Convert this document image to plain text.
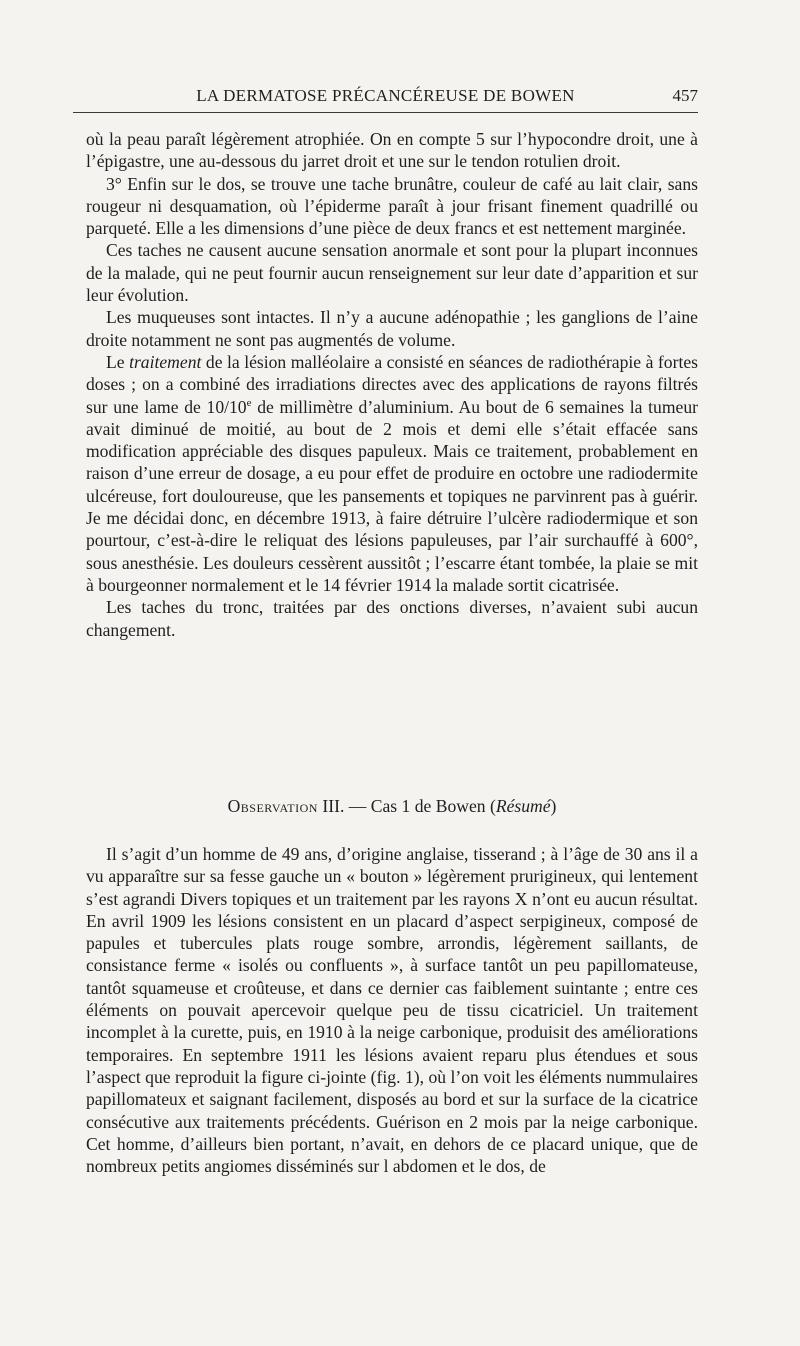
LA DERMATOSE PRÉCANCÉREUSE DE BOWEN	457

où la peau paraît légèrement atrophiée. On en compte 5 sur l’hypocondre droit, une à l’épigastre, une au-dessous du jarret droit et une sur le tendon rotulien droit.

3° Enfin sur le dos, se trouve une tache brunâtre, couleur de café au lait clair, sans rougeur ni desquamation, où l’épiderme paraît à jour frisant finement quadrillé ou parqueté. Elle a les dimensions d’une pièce de deux francs et est nettement marginée.

Ces taches ne causent aucune sensation anormale et sont pour la plupart inconnues de la malade, qui ne peut fournir aucun renseignement sur leur date d’apparition et sur leur évolution.

Les muqueuses sont intactes. Il n’y a aucune adénopathie ; les ganglions de l’aine droite notamment ne sont pas augmentés de volume.

Le traitement de la lésion malléolaire a consisté en séances de radiothérapie à fortes doses ; on a combiné des irradiations directes avec des applications de rayons filtrés sur une lame de 10/10e de millimètre d’aluminium. Au bout de 6 semaines la tumeur avait diminué de moitié, au bout de 2 mois et demi elle s’était effacée sans modification appréciable des disques papuleux. Mais ce traitement, probablement en raison d’une erreur de dosage, a eu pour effet de produire en octobre une radiodermite ulcéreuse, fort douloureuse, que les pansements et topiques ne parvinrent pas à guérir. Je me décidai donc, en décembre 1913, à faire détruire l’ulcère radiodermique et son pourtour, c’est-à-dire le reliquat des lésions papuleuses, par l’air surchauffé à 600°, sous anesthésie. Les douleurs cessèrent aussitôt ; l’escarre étant tombée, la plaie se mit à bourgeonner normalement et le 14 février 1914 la malade sortit cicatrisée.

Les taches du tronc, traitées par des onctions diverses, n’avaient subi aucun changement.

Observation III. — Cas 1 de Bowen (Résumé)

Il s’agit d’un homme de 49 ans, d’origine anglaise, tisserand ; à l’âge de 30 ans il a vu apparaître sur sa fesse gauche un « bouton » légèrement prurigineux, qui lentement s’est agrandi Divers topiques et un traitement par les rayons X n’ont eu aucun résultat. En avril 1909 les lésions consistent en un placard d’aspect serpigineux, composé de papules et tubercules plats rouge sombre, arrondis, légèrement saillants, de consistance ferme « isolés ou confluents », à surface tantôt un peu papillomateuse, tantôt squameuse et croûteuse, et dans ce dernier cas faiblement suintante ; entre ces éléments on pouvait apercevoir quelque peu de tissu cicatriciel. Un traitement incomplet à la curette, puis, en 1910 à la neige carbonique, produisit des améliorations temporaires. En septembre 1911 les lésions avaient reparu plus étendues et sous l’aspect que reproduit la figure ci-jointe (fig. 1), où l’on voit les éléments nummulaires papillomateux et saignant facilement, disposés au bord et sur la surface de la cicatrice consécutive aux traitements précédents. Guérison en 2 mois par la neige carbonique. Cet homme, d’ailleurs bien portant, n’avait, en dehors de ce placard unique, que de nombreux petits angiomes disséminés sur l abdomen et le dos, de
